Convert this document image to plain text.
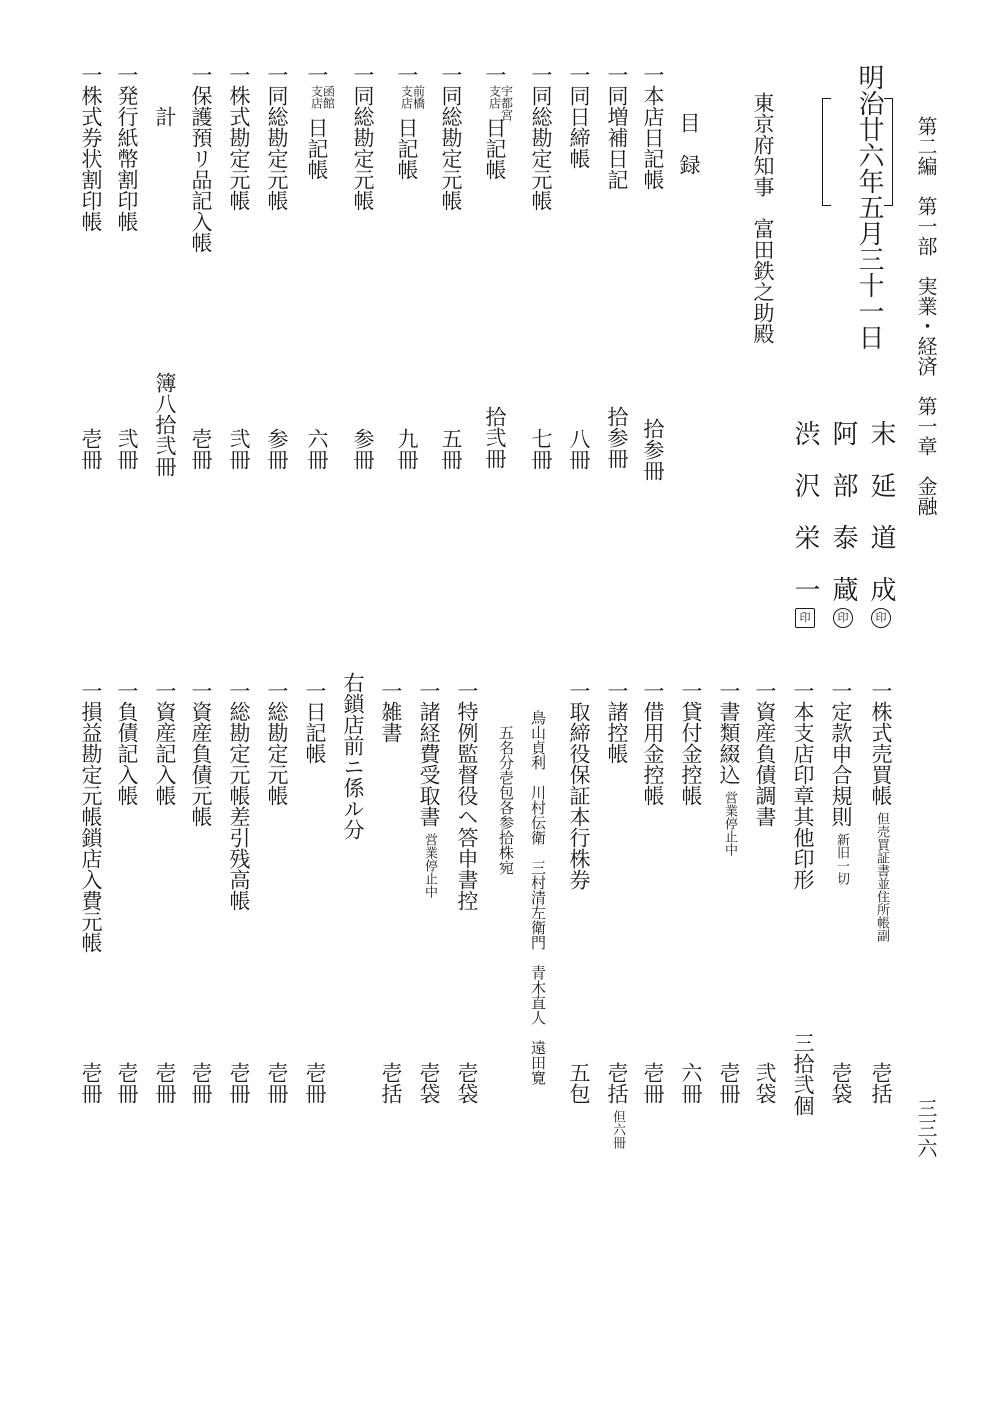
第二編　第一部　実業・経済　第一章　金融
三三六
明治廿六年五月三十一日
末　延　道　成印
阿　部　泰　蔵印
渋　沢　栄　一印
東京府知事　富田鉄之助殿
目　録
一本店日記帳
一同増補日記
一同日締帳
一同総勘定元帳
一
宇都宮
支店
日記帳
一同総勘定元帳
一
前橋
支店
日記帳
一同総勘定元帳
一
函館
支店
日記帳
一同総勘定元帳
一株式勘定元帳
一保護預リ品記入帳
　　計
一発行紙幣割印帳
一株式券状割印帳
拾参冊
拾参冊
八冊
七冊
拾弐冊
五冊
九冊
参冊
六冊
参冊
弐冊
壱冊
簿八拾弐冊
弐冊
壱冊
一株式売買帳但売買証書並住所帳副
一定款申合規則新旧一切
一本支店印章其他印形
一資産負債調書
一書類綴込営業停止中
一貸付金控帳
一借用金控帳
一諸控帳
一取締役保証本行株券
　　鳥山貞利　川村伝衛　三村清左衛門　青木直人　遠田寛
　　　五名分壱包各参拾株宛
一特例監督役ヘ答申書控
一諸経費受取書営業停止中
一雑書
右鎖店前ニ係ル分
一日記帳
一総勘定元帳
一総勘定元帳差引残高帳
一資産負債元帳
一資産記入帳
一負債記入帳
一損益勘定元帳鎖店入費元帳
壱括
壱袋
三拾弐個
弐袋
壱冊
六冊
壱冊
壱括但六冊
五包
壱袋
壱袋
壱括
壱冊
壱冊
壱冊
壱冊
壱冊
壱冊
壱冊
